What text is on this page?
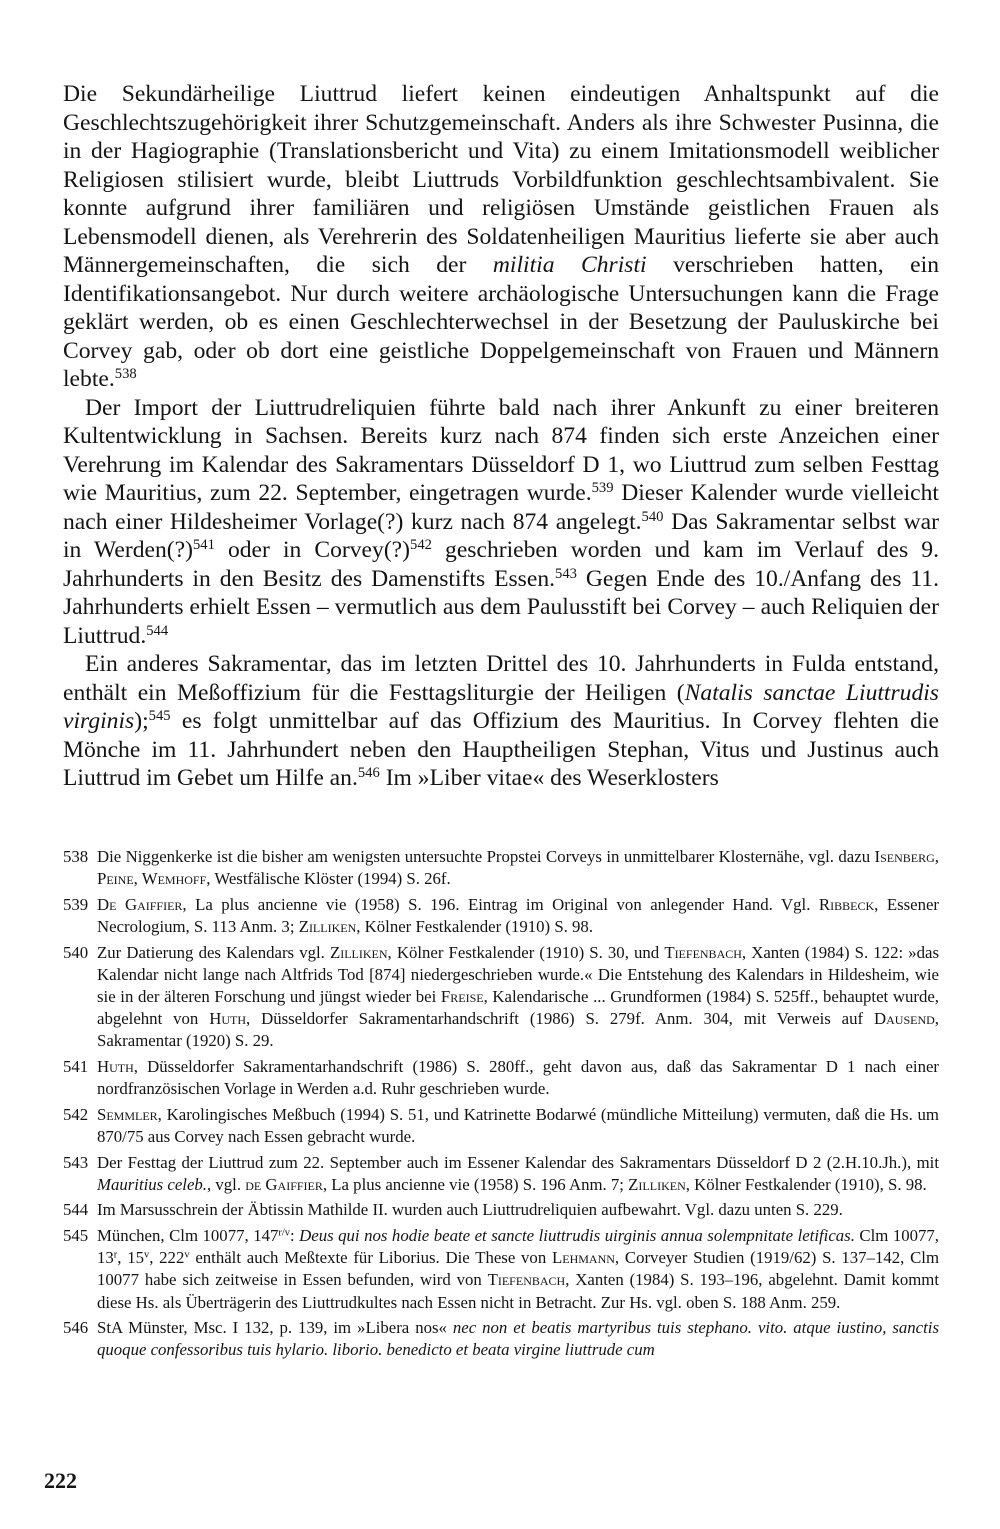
Die Sekundärheilige Liuttrud liefert keinen eindeutigen Anhaltspunkt auf die Geschlechtszugehörigkeit ihrer Schutzgemeinschaft. Anders als ihre Schwester Pusinna, die in der Hagiographie (Translationsbericht und Vita) zu einem Imitationsmodell weiblicher Religiosen stilisiert wurde, bleibt Liuttruds Vorbildfunktion geschlechtsambivalent. Sie konnte aufgrund ihrer familiären und religiösen Umstände geistlichen Frauen als Lebensmodell dienen, als Verehrerin des Soldatenheiligen Mauritius lieferte sie aber auch Männergemeinschaften, die sich der militia Christi verschrieben hatten, ein Identifikationsangebot. Nur durch weitere archäologische Untersuchungen kann die Frage geklärt werden, ob es einen Geschlechterwechsel in der Besetzung der Pauluskirche bei Corvey gab, oder ob dort eine geistliche Doppelgemeinschaft von Frauen und Männern lebte.$^{538}$

Der Import der Liuttrudreliquien führte bald nach ihrer Ankunft zu einer breiteren Kultentwicklung in Sachsen. Bereits kurz nach 874 finden sich erste Anzeichen einer Verehrung im Kalendar des Sakramentars Düsseldorf D 1, wo Liuttrud zum selben Festtag wie Mauritius, zum 22. September, eingetragen wurde.$^{539}$ Dieser Kalender wurde vielleicht nach einer Hildesheimer Vorlage(?) kurz nach 874 angelegt.$^{540}$ Das Sakramentar selbst war in Werden(?)$^{541}$ oder in Corvey(?)$^{542}$ geschrieben worden und kam im Verlauf des 9. Jahrhunderts in den Besitz des Damenstifts Essen.$^{543}$ Gegen Ende des 10./Anfang des 11. Jahrhunderts erhielt Essen – vermutlich aus dem Paulusstift bei Corvey – auch Reliquien der Liuttrud.$^{544}$

Ein anderes Sakramentar, das im letzten Drittel des 10. Jahrhunderts in Fulda entstand, enthält ein Meßoffizium für die Festtagsliturgie der Heiligen (Natalis sanctae Liuttrudis virginis);$^{545}$ es folgt unmittelbar auf das Offizium des Mauritius. In Corvey flehten die Mönche im 11. Jahrhundert neben den Hauptheiligen Stephan, Vitus und Justinus auch Liuttrud im Gebet um Hilfe an.$^{546}$ Im »Liber vitae« des Weserklosters

538 Die Niggenkerke ist die bisher am wenigsten untersuchte Propstei Corveys in unmittelbarer Klosternähe, vgl. dazu Isenberg, Peine, Wemhoff, Westfälische Klöster (1994) S. 26f.
539 De Gaiffier, La plus ancienne vie (1958) S. 196. Eintrag im Original von anlegender Hand. Vgl. Ribbeck, Essener Necrologium, S. 113 Anm. 3; Zilliken, Kölner Festkalender (1910) S. 98.
540 Zur Datierung des Kalendars vgl. Zilliken, Kölner Festkalender (1910) S. 30, und Tiefenbach, Xanten (1984) S. 122: »das Kalendar nicht lange nach Altfrids Tod [874] niedergeschrieben wurde.« Die Entstehung des Kalendars in Hildesheim, wie sie in der älteren Forschung und jüngst wieder bei Freise, Kalendarische ... Grundformen (1984) S. 525ff., behauptet wurde, abgelehnt von Huth, Düsseldorfer Sakramentarhandschrift (1986) S. 279f. Anm. 304, mit Verweis auf Dausend, Sakramentar (1920) S. 29.
541 Huth, Düsseldorfer Sakramentarhandschrift (1986) S. 280ff., geht davon aus, daß das Sakramentar D 1 nach einer nordfranzösischen Vorlage in Werden a.d. Ruhr geschrieben wurde.
542 Semmler, Karolingisches Meßbuch (1994) S. 51, und Katrinette Bodarwé (mündliche Mitteilung) vermuten, daß die Hs. um 870/75 aus Corvey nach Essen gebracht wurde.
543 Der Festtag der Liuttrud zum 22. September auch im Essener Kalendar des Sakramentars Düsseldorf D 2 (2.H.10.Jh.), mit Mauritius celeb., vgl. de Gaiffier, La plus ancienne vie (1958) S. 196 Anm. 7; Zilliken, Kölner Festkalender (1910), S. 98.
544 Im Marsusschrein der Äbtissin Mathilde II. wurden auch Liuttrudreliquien aufbewahrt. Vgl. dazu unten S. 229.
545 München, Clm 10077, $147^{r/v}$: Deus qui nos hodie beate et sancte liuttrudis uirginis annua solempnitate letificas. Clm 10077, 13$^r$, 15$^v$, 222$^v$ enthält auch Meßtexte für Liborius. Die These von Lehmann, Corveyer Studien (1919/62) S. 137–142, Clm 10077 habe sich zeitweise in Essen befunden, wird von Tiefenbach, Xanten (1984) S. 193–196, abgelehnt. Damit kommt diese Hs. als Überträgerin des Liuttrudkultes nach Essen nicht in Betracht. Zur Hs. vgl. oben S. 188 Anm. 259.
546 StA Münster, Msc. I 132, p. 139, im »Libera nos« nec non et beatis martyribus tuis stephano. vito. atque iustino, sanctis quoque confessoribus tuis hylario. liborio. benedicto et beata virgine liuttrude cum
222
